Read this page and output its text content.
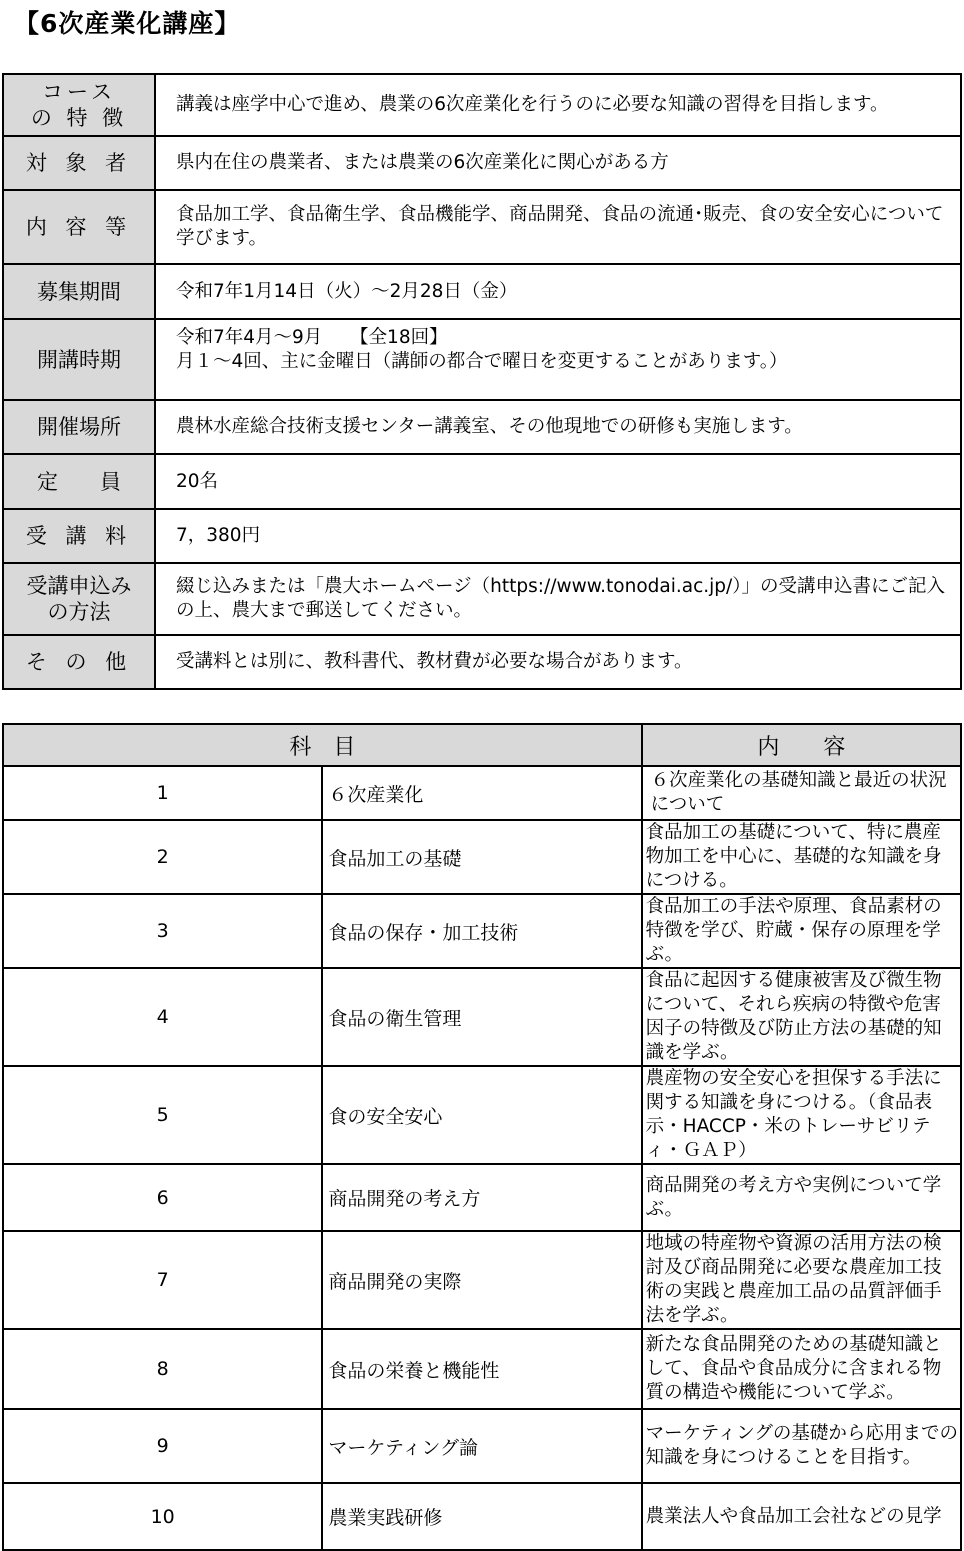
【6次産業化講座】
コース
の 特 徴	講義は座学中心で進め、農業の6次産業化を行うのに必要な知識の習得を目指します。
対 象 者	県内在住の農業者、または農業の6次産業化に関心がある方
内 容 等	食品加工学、食品衛生学、食品機能学、商品開発、食品の流通･販売、食の安全安心について学びます。
募集期間	令和7年1月14日（火）～2月28日（金）
開講時期	令和7年4月～9月　　【全18回】
月１～4回、主に金曜日（講師の都合で曜日を変更することがあります。）
開催場所	農林水産総合技術支援センター講義室、その他現地での研修も実施します。
定　　員	20名
受 講 料	7，380円
受講申込み
の方法	綴じ込みまたは「農大ホームページ（https://www.tonodai.ac.jp/）」の受講申込書にご記入の上、農大まで郵送してください。
そ の 他	受講料とは別に、教科書代、教材費が必要な場合があります。
科　目		内　　容
1	６次産業化	６次産業化の基礎知識と最近の状況について
2	食品加工の基礎	食品加工の基礎について、特に農産物加工を中心に、基礎的な知識を身につける。
3	食品の保存・加工技術	食品加工の手法や原理、食品素材の特徴を学び、貯蔵・保存の原理を学ぶ。
4	食品の衛生管理	食品に起因する健康被害及び微生物について、それら疾病の特徴や危害因子の特徴及び防止方法の基礎的知識を学ぶ。
5	食の安全安心	農産物の安全安心を担保する手法に関する知識を身につける。（食品表示・HACCP・米のトレーサビリティ・ＧＡＰ）
6	商品開発の考え方	商品開発の考え方や実例について学ぶ。
7	商品開発の実際	地域の特産物や資源の活用方法の検討及び商品開発に必要な農産加工技術の実践と農産加工品の品質評価手法を学ぶ。
8	食品の栄養と機能性	新たな食品開発のための基礎知識として、食品や食品成分に含まれる物質の構造や機能について学ぶ。
9	マーケティング論	マーケティングの基礎から応用までの知識を身につけることを目指す。
10	農業実践研修	農業法人や食品加工会社などの見学
